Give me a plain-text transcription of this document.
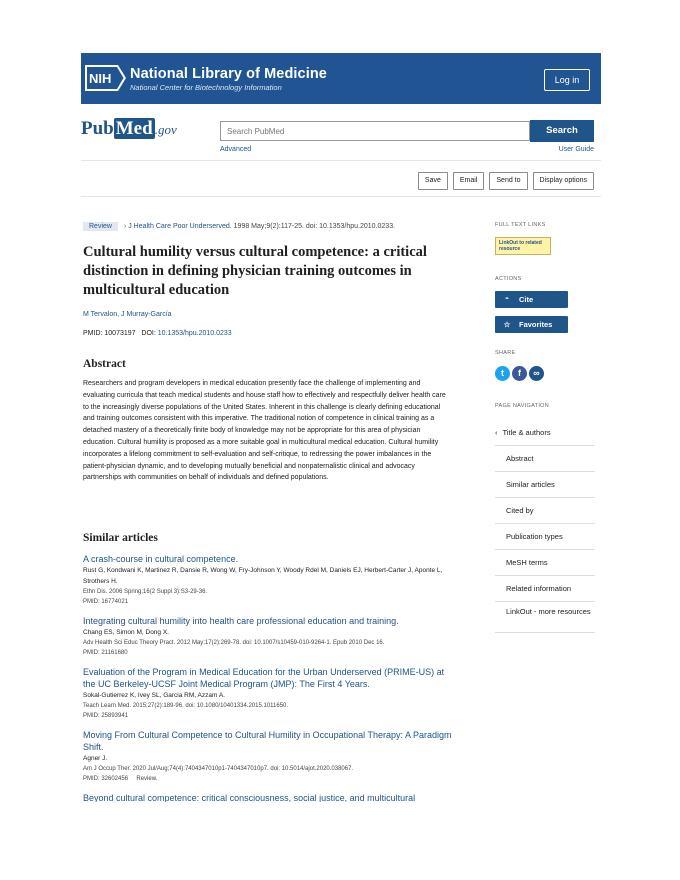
NIH National Library of Medicine
National Center for Biotechnology Information
Log in
Pub Med .gov	Search PubMed	Search
Advanced	User Guide
Save	Email	Send to	Display options
Review › J Health Care Poor Underserved. 1998 May;9(2):117-25. doi: 10.1353/hpu.2010.0233.
Cultural humility versus cultural competence: a critical distinction in defining physician training outcomes in multicultural education
M Tervalon, J Murray-García
PMID: 10073197 DOI: 10.1353/hpu.2010.0233
Abstract
Researchers and program developers in medical education presently face the challenge of implementing and evaluating curricula that teach medical students and house staff how to effectively and respectfully deliver health care to the increasingly diverse populations of the United States. Inherent in this challenge is clearly defining educational and training outcomes consistent with this imperative. The traditional notion of competence in clinical training as a detached mastery of a theoretically finite body of knowledge may not be appropriate for this area of physician education. Cultural humility is proposed as a more suitable goal in multicultural medical education. Cultural humility incorporates a lifelong commitment to self-evaluation and self-critique, to redressing the power imbalances in the patient-physician dynamic, and to developing mutually beneficial and nonpaternalistic clinical and advocacy partnerships with communities on behalf of individuals and defined populations.
Similar articles
A crash-course in cultural competence.
Rust G, Kondwani K, Martinez R, Dansie R, Wong W, Fry-Johnson Y, Woody Rdel M, Daniels EJ, Herbert-Carter J, Aponte L, Strothers H.
Ethn Dis. 2006 Spring;16(2 Suppl 3):S3-29-36.
PMID: 16774021
Integrating cultural humility into health care professional education and training.
Chang ES, Simon M, Dong X.
Adv Health Sci Educ Theory Pract. 2012 May;17(2):269-78. doi: 10.1007/s10459-010-9264-1. Epub 2010 Dec 16.
PMID: 21161680
Evaluation of the Program in Medical Education for the Urban Underserved (PRIME-US) at the UC Berkeley-UCSF Joint Medical Program (JMP): The First 4 Years.
Sokal-Gutierrez K, Ivey SL, Garcia RM, Azzam A.
Teach Learn Med. 2015;27(2):189-96. doi: 10.1080/10401334.2015.1011650.
PMID: 25893941
Moving From Cultural Competence to Cultural Humility in Occupational Therapy: A Paradigm Shift.
Agner J.
Am J Occup Ther. 2020 Jul/Aug;74(4):7404347010p1-7404347010p7. doi: 10.5014/ajot.2020.038067.
PMID: 32602456 Review.
Beyond cultural competence: critical consciousness, social justice, and multicultural
FULL TEXT LINKS
LinkOut to related resource
ACTIONS
“ Cite
☆ Favorites
SHARE
t	f	∞
PAGE NAVIGATION
‹ Title & authors
Abstract
Similar articles
Cited by
Publication types
MeSH terms
Related information
LinkOut - more resources
